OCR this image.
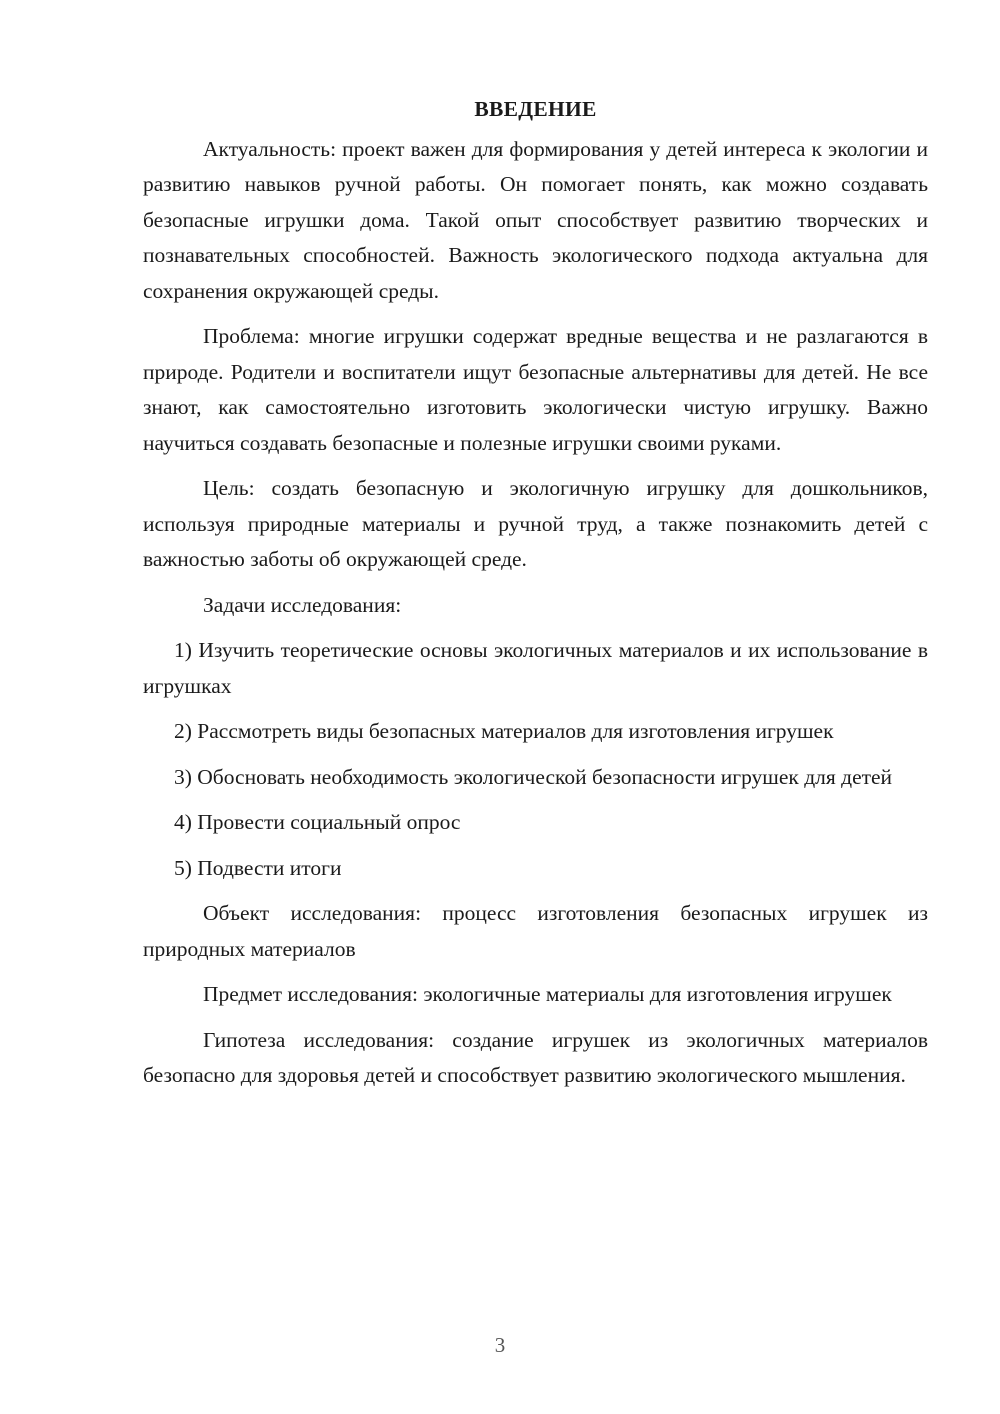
ВВЕДЕНИЕ

Актуальность: проект важен для формирования у детей интереса к экологии и развитию навыков ручной работы. Он помогает понять, как можно создавать безопасные игрушки дома. Такой опыт способствует развитию творческих и познавательных способностей. Важность экологического подхода актуальна для сохранения окружающей среды.

Проблема: многие игрушки содержат вредные вещества и не разлагаются в природе. Родители и воспитатели ищут безопасные альтернативы для детей. Не все знают, как самостоятельно изготовить экологически чистую игрушку. Важно научиться создавать безопасные и полезные игрушки своими руками.

Цель: создать безопасную и экологичную игрушку для дошкольников, используя природные материалы и ручной труд, а также познакомить детей с важностью заботы об окружающей среде.

Задачи исследования:

1) Изучить теоретические основы экологичных материалов и их использование в игрушках

2) Рассмотреть виды безопасных материалов для изготовления игрушек

3) Обосновать необходимость экологической безопасности игрушек для детей

4) Провести социальный опрос

5) Подвести итоги

Объект исследования: процесс изготовления безопасных игрушек из природных материалов

Предмет исследования: экологичные материалы для изготовления игрушек

Гипотеза исследования: создание игрушек из экологичных материалов безопасно для здоровья детей и способствует развитию экологического мышления.

3
